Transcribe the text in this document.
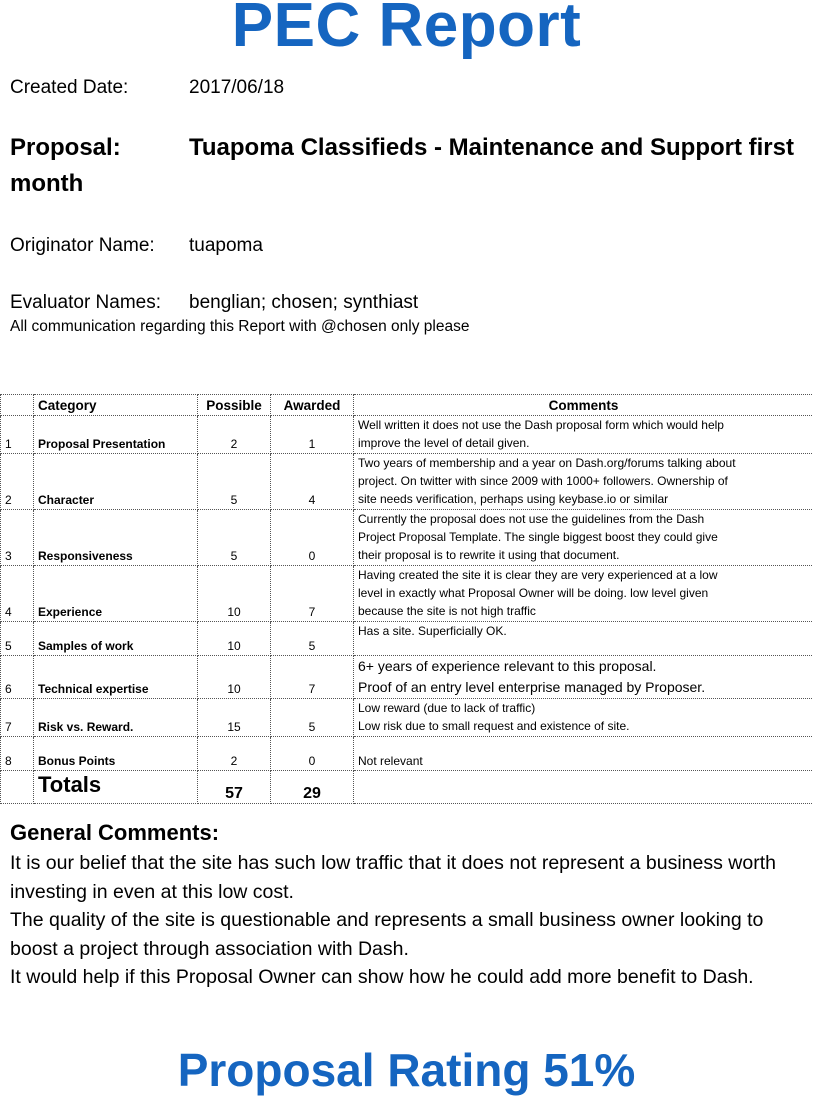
PEC Report
Created Date:	2017/06/18
Proposal:	Tuapoma Classifieds - Maintenance and Support first month
Originator Name: tuapoma
Evaluator Names: benglian; chosen; synthiast
All communication regarding this Report with @chosen only please
	Category	Possible	Awarded	Comments
1	Proposal Presentation	2	1	Well written it does not use the Dash proposal form which would help
improve the level of detail given.

2	Character	5	4	Two years of membership and a year on Dash.org/forums talking about
project. On twitter with since 2009 with 1000+ followers. Ownership of
site needs verification, perhaps using keybase.io or similar

3	Responsiveness	5	0	Currently the proposal does not use the guidelines from the Dash
Project Proposal Template. The single biggest boost they could give
their proposal is to rewrite it using that document.

4	Experience	10	7	Having created the site it is clear they are very experienced at a low
level in exactly what Proposal Owner will be doing. low level given
because the site is not high traffic

5	Samples of work	10	5	Has a site. Superficially OK.

6	Technical expertise	10	7	6+ years of experience relevant to this proposal.
Proof of an entry level enterprise managed by Proposer.

7	Risk vs. Reward.	15	5	Low reward (due to lack of traffic)
Low risk due to small request and existence of site.

8	Bonus Points	2	0	Not relevant

	Totals	57	29	
General Comments:

It is our belief that the site has such low traffic that it does not represent a business worth investing in even at this low cost.

The quality of the site is questionable and represents a small business owner looking to boost a project through association with Dash.

It would help if this Proposal Owner can show how he could add more benefit to Dash.

Proposal Rating 51%
